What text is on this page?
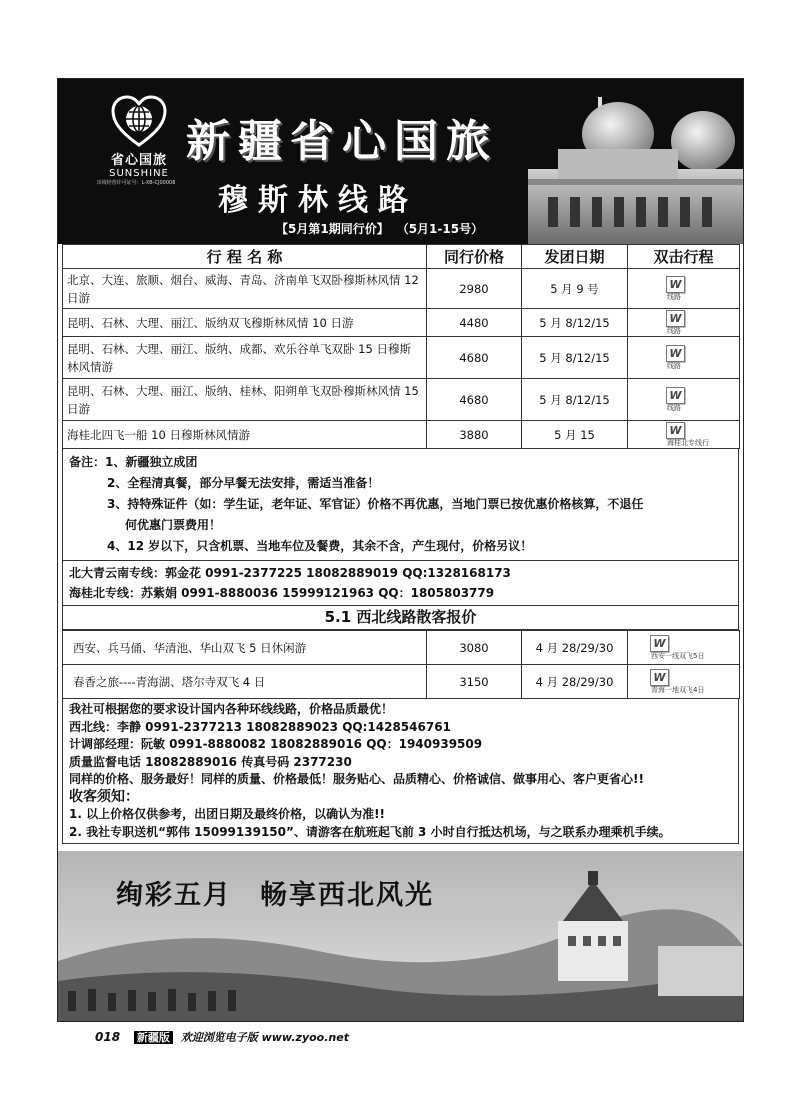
省心国旅
SUNSHINE
出境经营许可证号：L-XB-CJ00008
新疆省心国旅
穆斯林线路
【5月第1期同行价】 （5月1-15号）
行 程 名 称	同行价格	发团日期	双击行程
北京、大连、旅顺、烟台、威海、青岛、济南单飞双卧穆斯林风情 12 日游	2980	5 月 9 号	W
线路

昆明、石林、大理、丽江、版纳双飞穆斯林风情 10 日游	4480	5 月 8/12/15	W
线路

昆明、石林、大理、丽江、版纳、成都、欢乐谷单飞双卧 15 日穆斯林风情游	4680	5 月 8/12/15	W
线路

昆明、石林、大理、丽江、版纳、桂林、阳朔单飞双卧穆斯林风情 15 日游	4680	5 月 8/12/15	W
线路

海桂北四飞一船 10 日穆斯林风情游	3880	5 月 15	W
海桂北专线行
备注：1、新疆独立成团
2、全程清真餐，部分早餐无法安排，需适当准备！
3、持特殊证件（如：学生证，老年证、军官证）价格不再优惠，当地门票已按优惠价格核算，不退任
何优惠门票费用！
4、12 岁以下，只含机票、当地车位及餐费，其余不含，产生现付，价格另议！
北大青云南专线：郭金花 0991-2377225 18082889019 QQ:1328168173
海桂北专线：苏紫娟 0991-8880036 15999121963 QQ：1805803779
5.1 西北线路散客报价
西安、兵马俑、华清池、华山双飞 5 日休闲游	3080	4 月 28/29/30	W
西安一线双飞5日

春香之旅----青海湖、塔尔寺双飞 4 日	3150	4 月 28/29/30	W
青海一地双飞4日
我社可根据您的要求设计国内各种环线线路，价格品质最优！
西北线：李静 0991-2377213 18082889023 QQ:1428546761
计调部经理：阮敏 0991-8880082 18082889016 QQ：1940939509
质量监督电话 18082889016 传真号码 2377230
同样的价格、服务最好！同样的质量、价格最低！服务贴心、品质精心、价格诚信、做事用心、客户更省心!!
收客须知：
1. 以上价格仅供参考，出团日期及最终价格，以确认为准!!
2. 我社专职送机“郭伟 15099139150”、请游客在航班起飞前 3 小时自行抵达机场，与之联系办理乘机手续。
绚彩五月 畅享西北风光
018 新疆版 欢迎浏览电子版 www.zyoo.net
